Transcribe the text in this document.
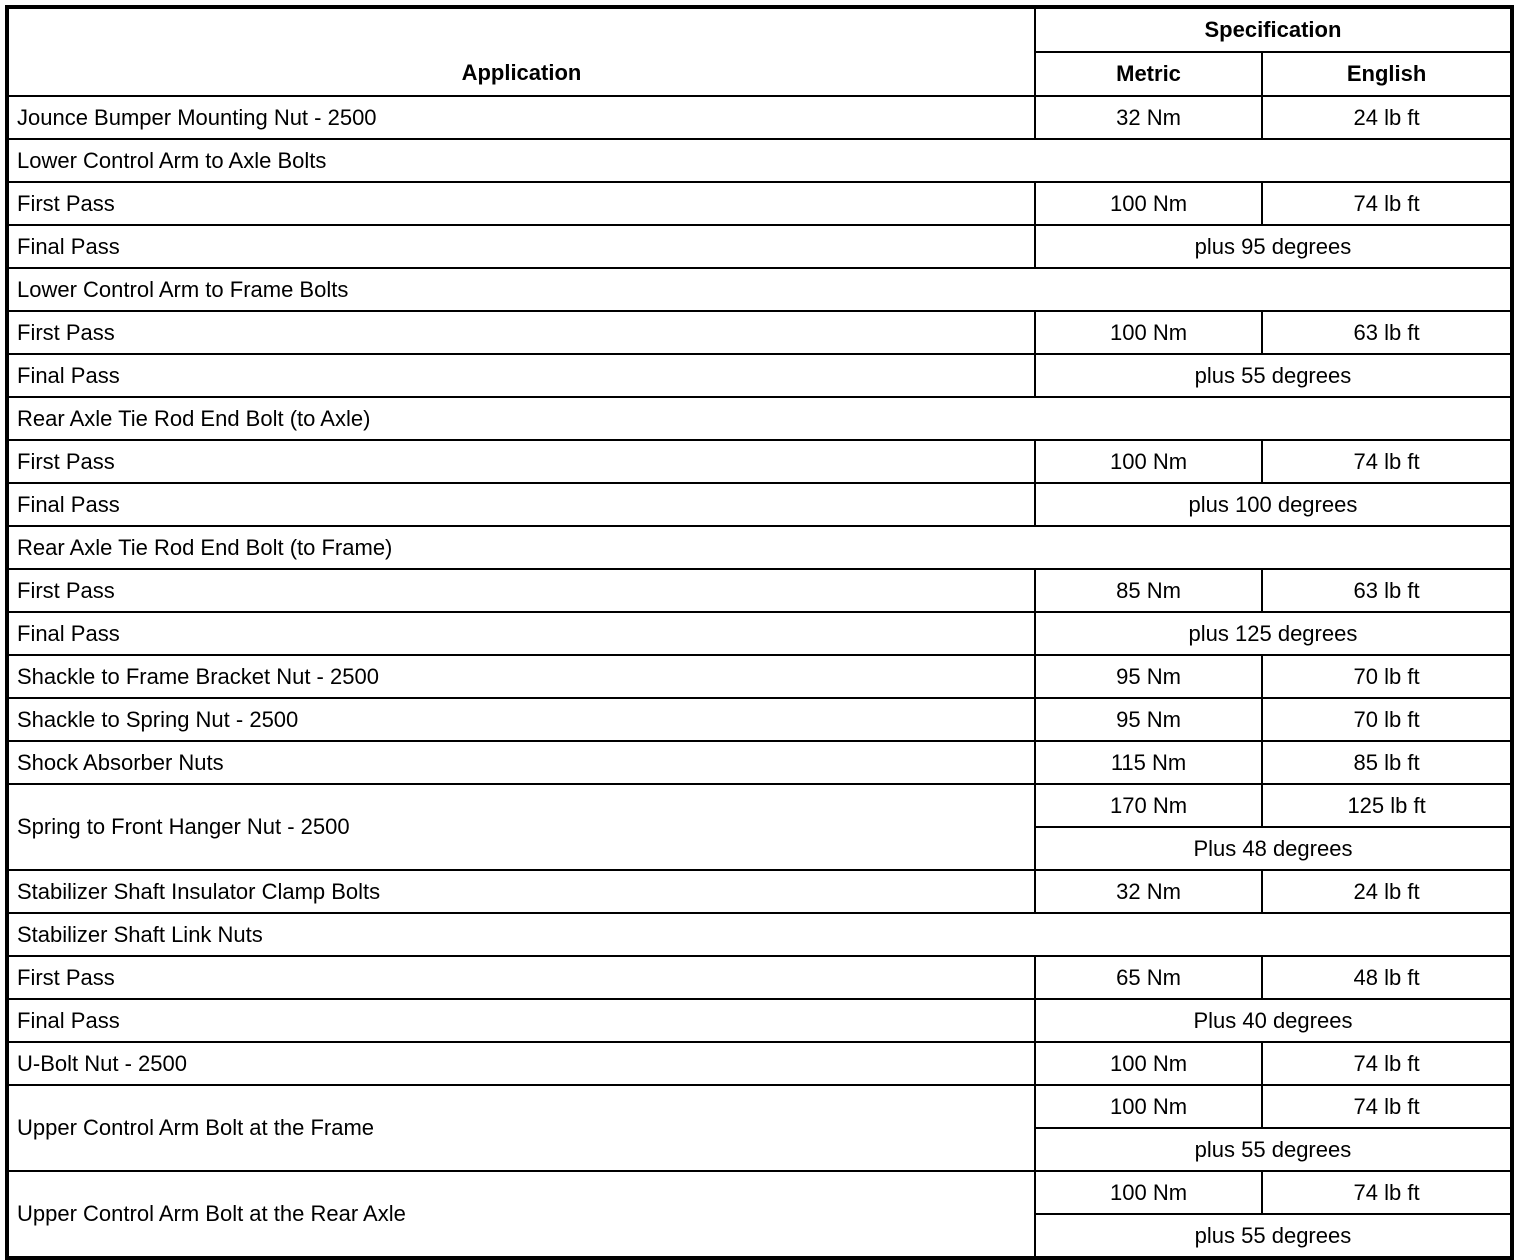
Application	Specification	
	Metric	English
Jounce Bumper Mounting Nut - 2500	32 Nm	24 lb ft
Lower Control Arm to Axle Bolts		
First Pass	100 Nm	74 lb ft
Final Pass	plus 95 degrees	
Lower Control Arm to Frame Bolts		
First Pass	100 Nm	63 lb ft
Final Pass	plus 55 degrees	
Rear Axle Tie Rod End Bolt (to Axle)		
First Pass	100 Nm	74 lb ft
Final Pass	plus 100 degrees	
Rear Axle Tie Rod End Bolt (to Frame)		
First Pass	85 Nm	63 lb ft
Final Pass	plus 125 degrees	
Shackle to Frame Bracket Nut - 2500	95 Nm	70 lb ft
Shackle to Spring Nut - 2500	95 Nm	70 lb ft
Shock Absorber Nuts	115 Nm	85 lb ft
Spring to Front Hanger Nut - 2500	170 Nm	125 lb ft
	Plus 48 degrees	
Stabilizer Shaft Insulator Clamp Bolts	32 Nm	24 lb ft
Stabilizer Shaft Link Nuts		
First Pass	65 Nm	48 lb ft
Final Pass	Plus 40 degrees	
U-Bolt Nut - 2500	100 Nm	74 lb ft
Upper Control Arm Bolt at the Frame	100 Nm	74 lb ft
	plus 55 degrees	
Upper Control Arm Bolt at the Rear Axle	100 Nm	74 lb ft
	plus 55 degrees	
